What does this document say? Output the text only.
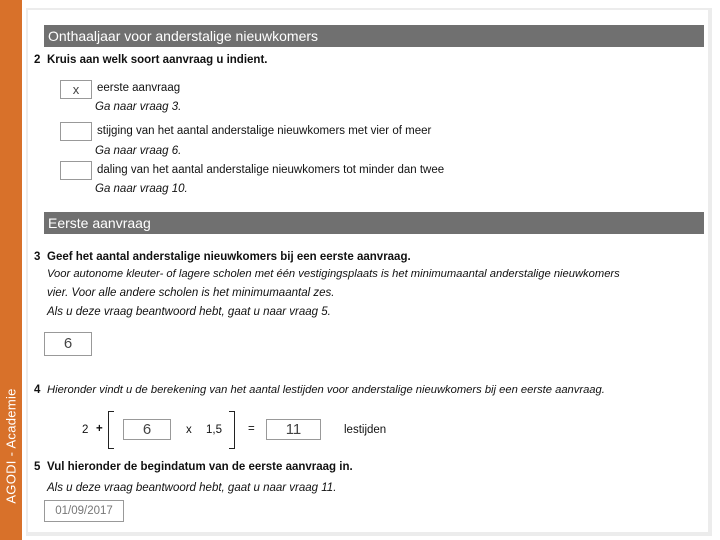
AGODI - Academie
Onthaaljaar voor anderstalige nieuwkomers
2 Kruis aan welk soort aanvraag u indient.
x	eerste aanvraag
Ga naar vraag 3.
stijging van het aantal anderstalige nieuwkomers met vier of meer
Ga naar vraag 6.
daling van het aantal anderstalige nieuwkomers tot minder dan twee
Ga naar vraag 10.
Eerste aanvraag
3 Geef het aantal anderstalige nieuwkomers bij een eerste aanvraag.
Voor autonome kleuter- of lagere scholen met één vestigingsplaats is het minimumaantal anderstalige nieuwkomers
vier. Voor alle andere scholen is het minimumaantal zes.
Als u deze vraag beantwoord hebt, gaat u naar vraag 5.
6
4 Hieronder vindt u de berekening van het aantal lestijden voor anderstalige nieuwkomers bij een eerste aanvraag.
2 +	6	x 1,5 =	11	lestijden
5 Vul hieronder de begindatum van de eerste aanvraag in.
Als u deze vraag beantwoord hebt, gaat u naar vraag 11.
01/09/2017
